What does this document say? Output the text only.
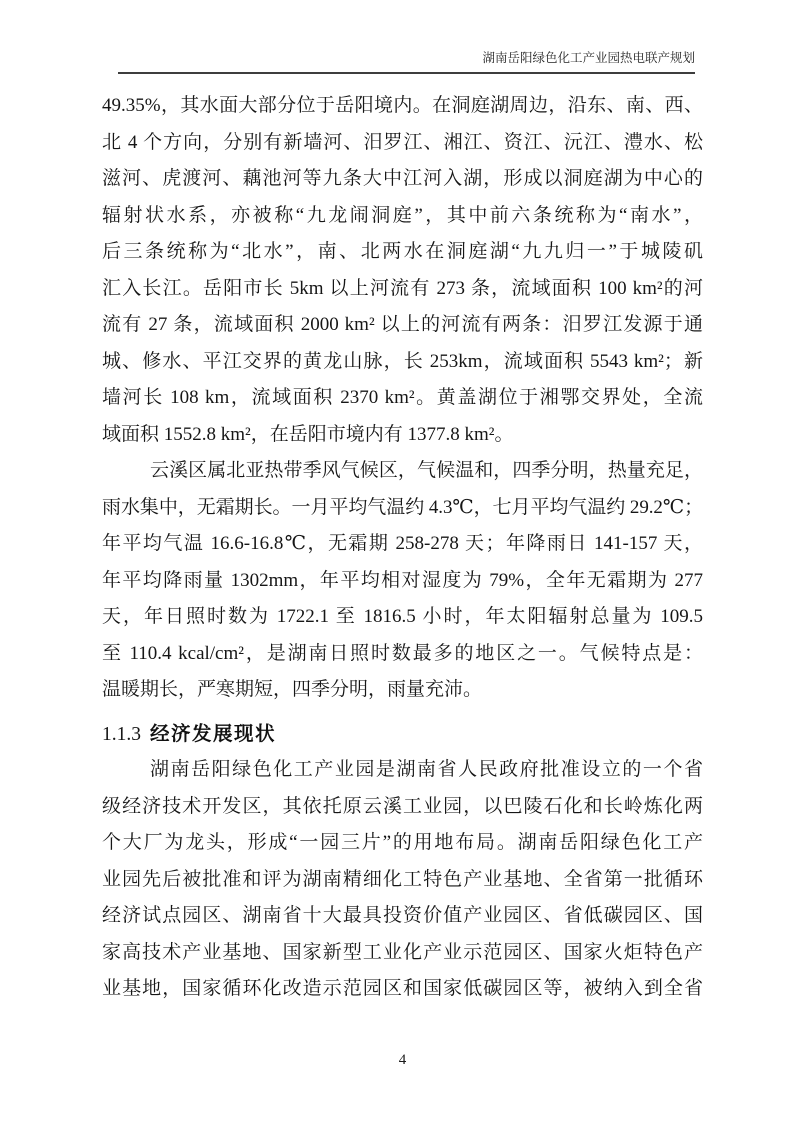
湖南岳阳绿色化工产业园热电联产规划
49.35%，其水面大部分位于岳阳境内。在洞庭湖周边，沿东、南、西、
北 4 个方向，分别有新墙河、汨罗江、湘江、资江、沅江、澧水、松
滋河、虎渡河、藕池河等九条大中江河入湖，形成以洞庭湖为中心的
辐射状水系，亦被称“九龙闹洞庭”，其中前六条统称为“南水”，
后三条统称为“北水”，南、北两水在洞庭湖“九九归一”于城陵矶
汇入长江。岳阳市长 5km 以上河流有 273 条，流域面积 100 km²的河
流有 27 条，流域面积 2000 km² 以上的河流有两条：汨罗江发源于通
城、修水、平江交界的黄龙山脉，长 253km，流域面积 5543 km²；新
墙河长 108 km，流域面积 2370 km²。黄盖湖位于湘鄂交界处，全流
域面积 1552.8 km²，在岳阳市境内有 1377.8 km²。
云溪区属北亚热带季风气候区，气候温和，四季分明，热量充足，
雨水集中，无霜期长。一月平均气温约 4.3℃，七月平均气温约 29.2℃；
年平均气温 16.6-16.8℃，无霜期 258-278 天；年降雨日 141-157 天，
年平均降雨量 1302mm，年平均相对湿度为 79%，全年无霜期为 277
天，年日照时数为 1722.1 至 1816.5 小时，年太阳辐射总量为 109.5
至 110.4 kcal/cm²，是湖南日照时数最多的地区之一。气候特点是：
温暖期长，严寒期短，四季分明，雨量充沛。
1.1.3 经济发展现状
湖南岳阳绿色化工产业园是湖南省人民政府批准设立的一个省
级经济技术开发区，其依托原云溪工业园，以巴陵石化和长岭炼化两
个大厂为龙头，形成“一园三片”的用地布局。湖南岳阳绿色化工产
业园先后被批准和评为湖南精细化工特色产业基地、全省第一批循环
经济试点园区、湖南省十大最具投资价值产业园区、省低碳园区、国
家高技术产业基地、国家新型工业化产业示范园区、国家火炬特色产
业基地，国家循环化改造示范园区和国家低碳园区等，被纳入到全省
4
